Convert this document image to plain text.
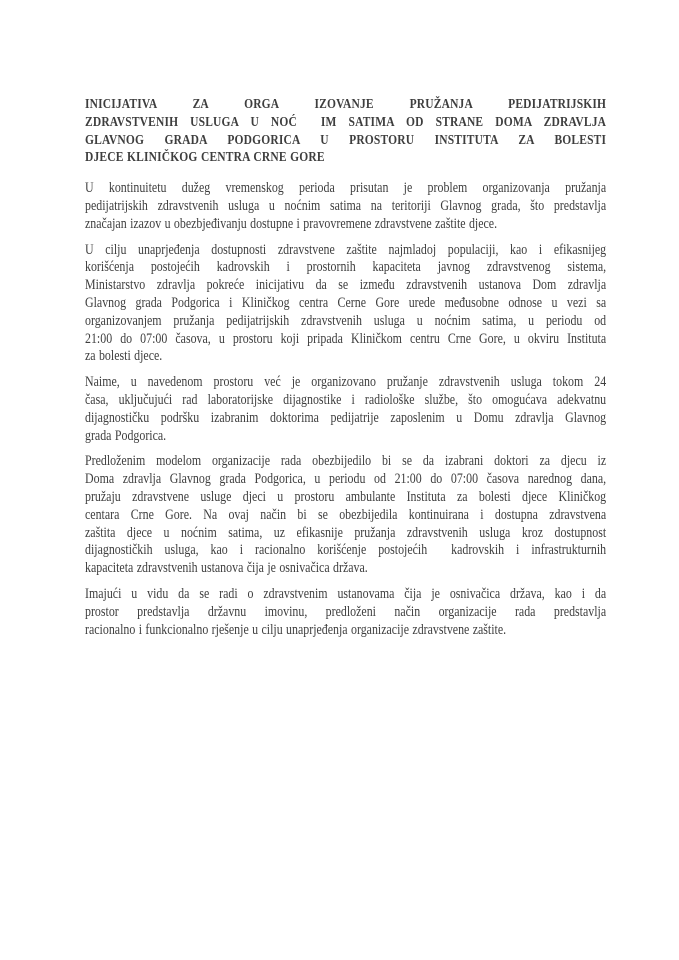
INICIJATIVA ZA ORGA IZOVANJE PRUŽANJA PEDIJATRIJSKIH
ZDRAVSTVENIH USLUGA U NOĆ  IM SATIMA OD STRANE DOMA ZDRAVLJA
GLAVNOG GRADA PODGORICA U PROSTORU INSTITUTA ZA BOLESTI
DJECE KLINIČKOG CENTRA CRNE GORE
U kontinuitetu dužeg vremenskog perioda prisutan je problem organizovanja pružanja
pedijatrijskih zdravstvenih usluga u noćnim satima na teritoriji Glavnog grada, što predstavlja
značajan izazov u obezbjeđivanju dostupne i pravovremene zdravstvene zaštite djece.
U cilju unaprjeđenja dostupnosti zdravstvene zaštite najmladoj populaciji, kao i efikasnijeg
korišćenja postojećih kadrovskih i prostornih kapaciteta javnog zdravstvenog sistema,
Ministarstvo zdravlja pokreće inicijativu da se između zdravstvenih ustanova Dom zdravlja
Glavnog grada Podgorica i Kliničkog centra Cerne Gore urede međusobne odnose u vezi sa
organizovanjem pružanja pedijatrijskih zdravstvenih usluga u noćnim satima, u periodu od
21:00 do 07:00 časova, u prostoru koji pripada Kliničkom centru Crne Gore, u okviru Instituta
za bolesti djece.
Naime, u navedenom prostoru već je organizovano pružanje zdravstvenih usluga tokom 24
časa, uključujući rad laboratorijske dijagnostike i radiološke službe, što omogućava adekvatnu
dijagnostičku podršku izabranim doktorima pedijatrije zaposlenim u Domu zdravlja Glavnog
grada Podgorica.
Predloženim modelom organizacije rada obezbijedilo bi se da izabrani doktori za djecu iz
Doma zdravlja Glavnog grada Podgorica, u periodu od 21:00 do 07:00 časova narednog dana,
pružaju zdravstvene usluge djeci u prostoru ambulante Instituta za bolesti djece Kliničkog
centara Crne Gore. Na ovaj način bi se obezbijedila kontinuirana i dostupna zdravstvena
zaštita djece u noćnim satima, uz efikasnije pružanja zdravstvenih usluga kroz dostupnost
dijagnostičkih usluga, kao i racionalno korišćenje postojećih  kadrovskih i infrastrukturnih
kapaciteta zdravstvenih ustanova čija je osnivačica država.
Imajući u vidu da se radi o zdravstvenim ustanovama čija je osnivačica država, kao i da
prostor predstavlja državnu imovinu, predloženi način organizacije rada predstavlja
racionalno i funkcionalno rješenje u cilju unaprjeđenja organizacije zdravstvene zaštite.
